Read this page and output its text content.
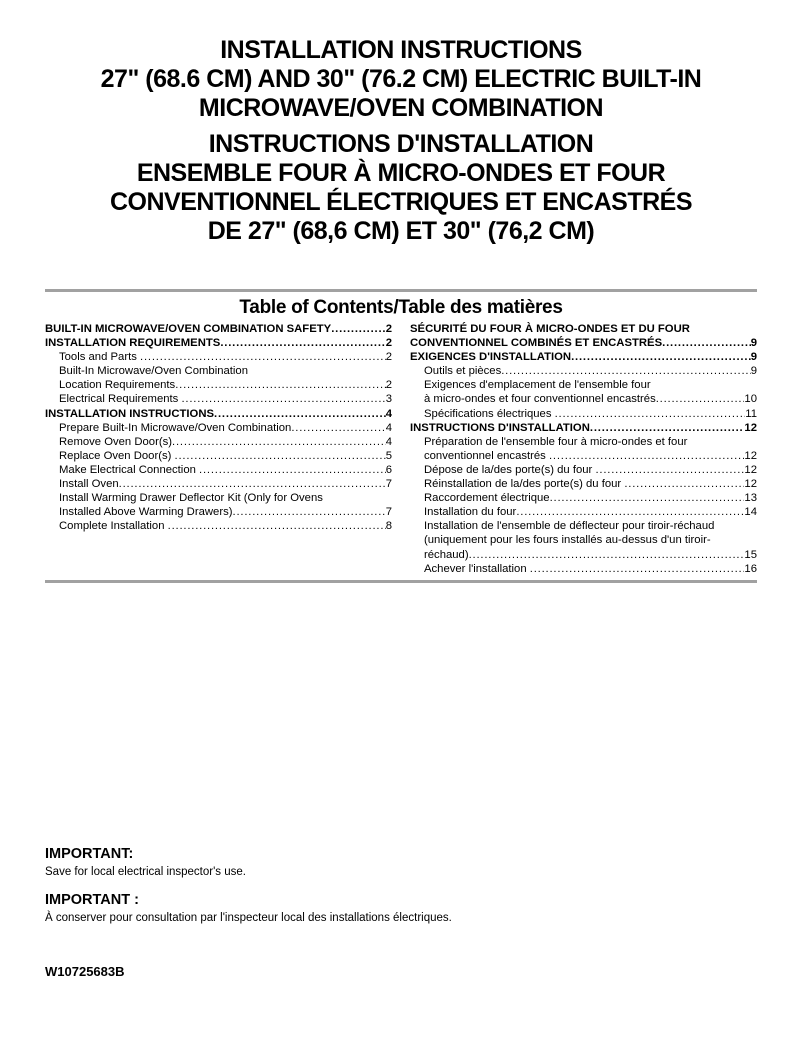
INSTALLATION INSTRUCTIONS
27" (68.6 CM) AND 30" (76.2 CM) ELECTRIC BUILT-IN
MICROWAVE/OVEN COMBINATION
INSTRUCTIONS D'INSTALLATION
ENSEMBLE FOUR À MICRO-ONDES ET FOUR
CONVENTIONNEL ÉLECTRIQUES ET ENCASTRÉS
DE 27" (68,6 CM) ET 30" (76,2 CM)
Table of Contents/Table des matières
BUILT-IN MICROWAVE/OVEN COMBINATION SAFETY .....	2
INSTALLATION REQUIREMENTS .....	2
Tools and Parts .....	2
Built-In Microwave/Oven Combination
Location Requirements .....	2
Electrical Requirements .....	3
INSTALLATION INSTRUCTIONS .....	4
Prepare Built-In Microwave/Oven Combination .....	4
Remove Oven Door(s) .....	4
Replace Oven Door(s) .....	5
Make Electrical Connection .....	6
Install Oven .....	7
Install Warming Drawer Deflector Kit (Only for Ovens
Installed Above Warming Drawers) .....	7
Complete Installation .....	8
SÉCURITÉ DU FOUR À MICRO-ONDES ET DU FOUR
CONVENTIONNEL COMBINÉS ET ENCASTRÉS .....	9
EXIGENCES D'INSTALLATION .....	9
Outils et pièces .....	9
Exigences d'emplacement de l'ensemble four
à micro-ondes et four conventionnel encastrés .....	10
Spécifications électriques .....	11
INSTRUCTIONS D'INSTALLATION .....	12
Préparation de l'ensemble four à micro-ondes et four
conventionnel encastrés .....	12
Dépose de la/des porte(s) du four .....	12
Réinstallation de la/des porte(s) du four .....	12
Raccordement électrique .....	13
Installation du four .....	14
Installation de l'ensemble de déflecteur pour tiroir-réchaud
(uniquement pour les fours installés au-dessus d'un tiroir-
réchaud) .....	15
Achever l'installation .....	16
IMPORTANT:
Save for local electrical inspector's use.
IMPORTANT :
À conserver pour consultation par l'inspecteur local des installations électriques.
W10725683B
